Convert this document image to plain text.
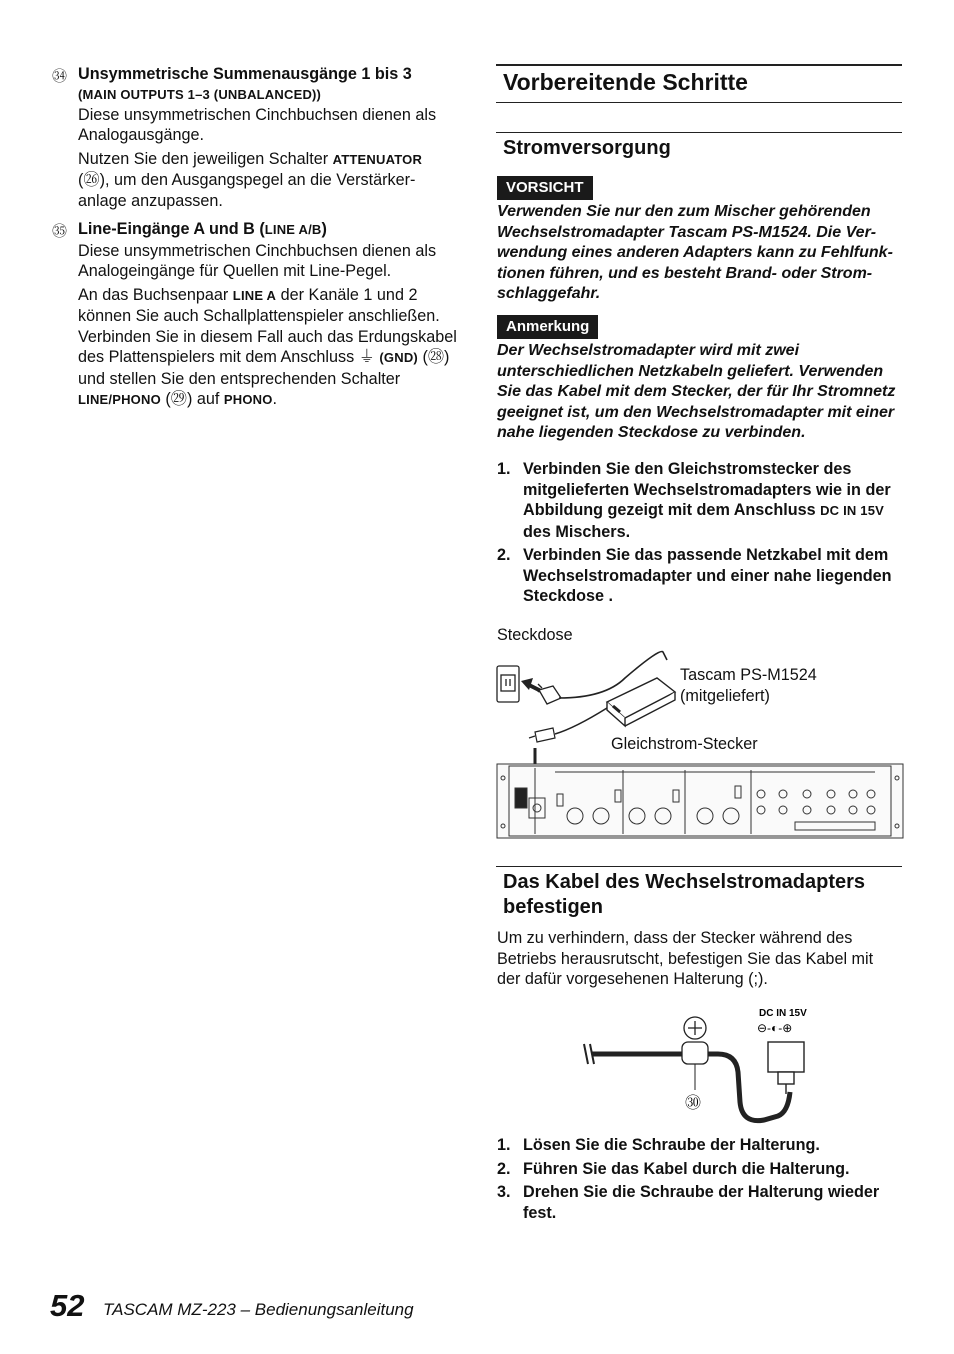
㉞ Unsymmetrische Summenausgänge 1 bis 3

(MAIN OUTPUTS 1–3 (UNBALANCED))

Diese unsymmetrischen Cinchbuchsen dienen als Analogausgänge.

Nutzen Sie den jeweiligen Schalter ATTENUATOR (㉖), um den Ausgangspegel an die Verstärkeranlage anzupassen.

㉟ Line-Eingänge A und B (LINE A/B)

Diese unsymmetrischen Cinchbuchsen dienen als Analogeingänge für Quellen mit Line-Pegel.

An das Buchsenpaar LINE A der Kanäle 1 und 2 können Sie auch Schallplattenspieler anschließen. Verbinden Sie in diesem Fall auch das Erdungskabel des Plattenspielers mit dem Anschluss ⏚ (GND) (㉘) und stellen Sie den entsprechenden Schalter LINE/PHONO (㉙) auf PHONO.

Vorbereitende Schritte
Stromversorgung
VORSICHT

Verwenden Sie nur den zum Mischer gehörenden Wechselstromadapter Tascam PS-M1524. Die Verwendung eines anderen Adapters kann zu Fehlfunktionen führen, und es besteht Brand- oder Stromschlaggefahr.

Anmerkung

Der Wechselstromadapter wird mit zwei unterschiedlichen Netzkabeln geliefert. Verwenden Sie das Kabel mit dem Stecker, der für Ihr Stromnetz geeignet ist, um den Wechselstromadapter mit einer nahe liegenden Steckdose zu verbinden.

1. Verbinden Sie den Gleichstromstecker des mitgelieferten Wechselstromadapters wie in der Abbildung gezeigt mit dem Anschluss DC IN 15V des Mischers.
2. Verbinden Sie das passende Netzkabel mit dem Wechselstromadapter und einer nahe liegenden Steckdose .
Steckdose
Tascam PS-M1524
(mitgeliefert)
Gleichstrom-Stecker
Das Kabel des Wechselstromadapters befestigen

Um zu verhindern, dass der Stecker während des Betriebs herausrutscht, befestigen Sie das Kabel mit der dafür vorgesehenen Halterung (;).

DC IN 15V
⊖-◐-⊕
㉚
1. Lösen Sie die Schraube der Halterung.
2. Führen Sie das Kabel durch die Halterung.
3. Drehen Sie die Schraube der Halterung wieder fest.
52 TASCAM MZ-223 – Bedienungsanleitung
